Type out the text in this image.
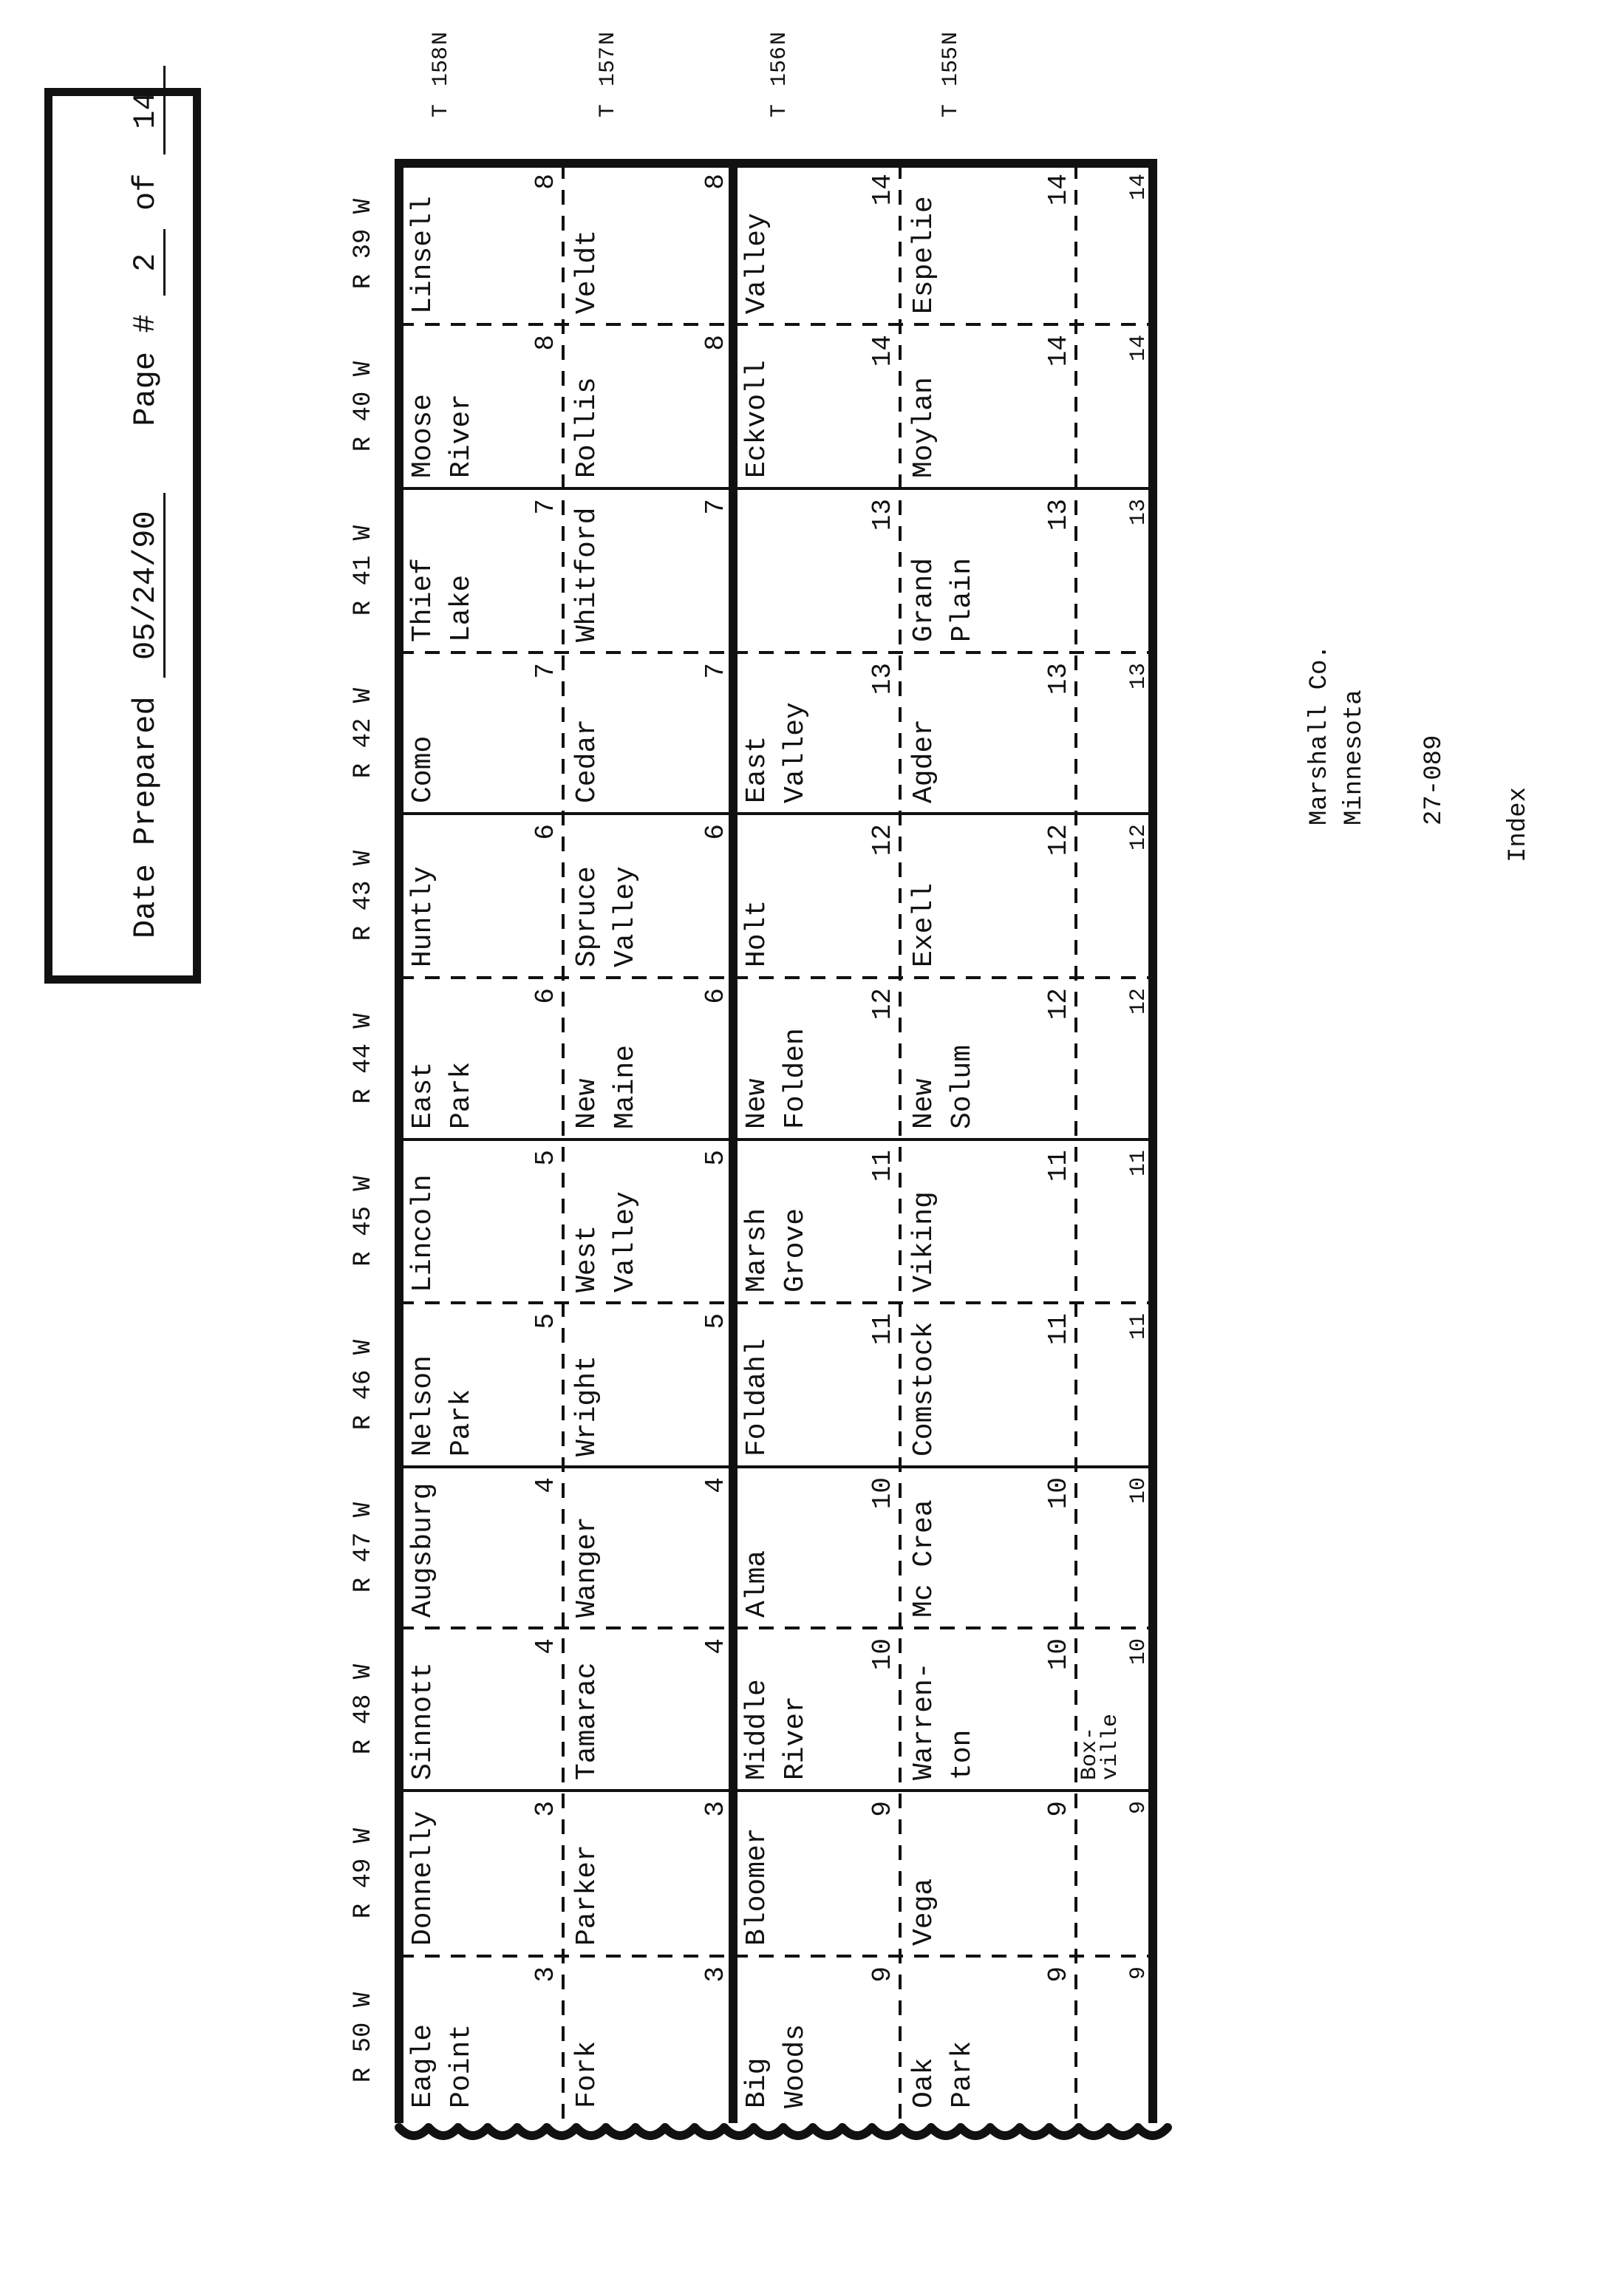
Date Prepared 05/24/90  Page # 2 of 14
R 50 W
R 49 W
R 48 W
R 47 W
R 46 W
R 45 W
R 44 W
R 43 W
R 42 W
R 41 W
R 40 W
R 39 W
T
158
N
T
157
N
T
156
N
T
155
N
Eagle Point
3
Donnelly
3
Sinnott
4
Augsburg	4
Nelson Park
5
Lincoln
5
East Park
6
Huntly
6
Como
7
Thief Lake
7
Moose River
8
Linsell
8
Fork
3
Parker
3
Tamarac
4
Wanger
4
Wright
5
West Valley
5
New Maine
6
Spruce Valley
6
Cedar
7
Whitford
7
Rollis
8
Veldt
8
Big Woods
9
Bloomer
9
Middle River
10
Alma
10
Foldahl
11
Marsh Grove
11
New Folden
12
Holt
12
East Valley
13
13
Eckvoll
14
Valley
14
Oak Park
9
Vega
9
Warren- ton
10
Mc Crea
10
Comstock	11
Viking
11
New Solum
12
Exell
12
Agder
13
Grand Plain
13
Moylan
14
Espelie
14
9
9
Box-
ville
10
10
11
11
12
12
13
13
14
14
Marshall Co. Minnesota 27-089 Index
